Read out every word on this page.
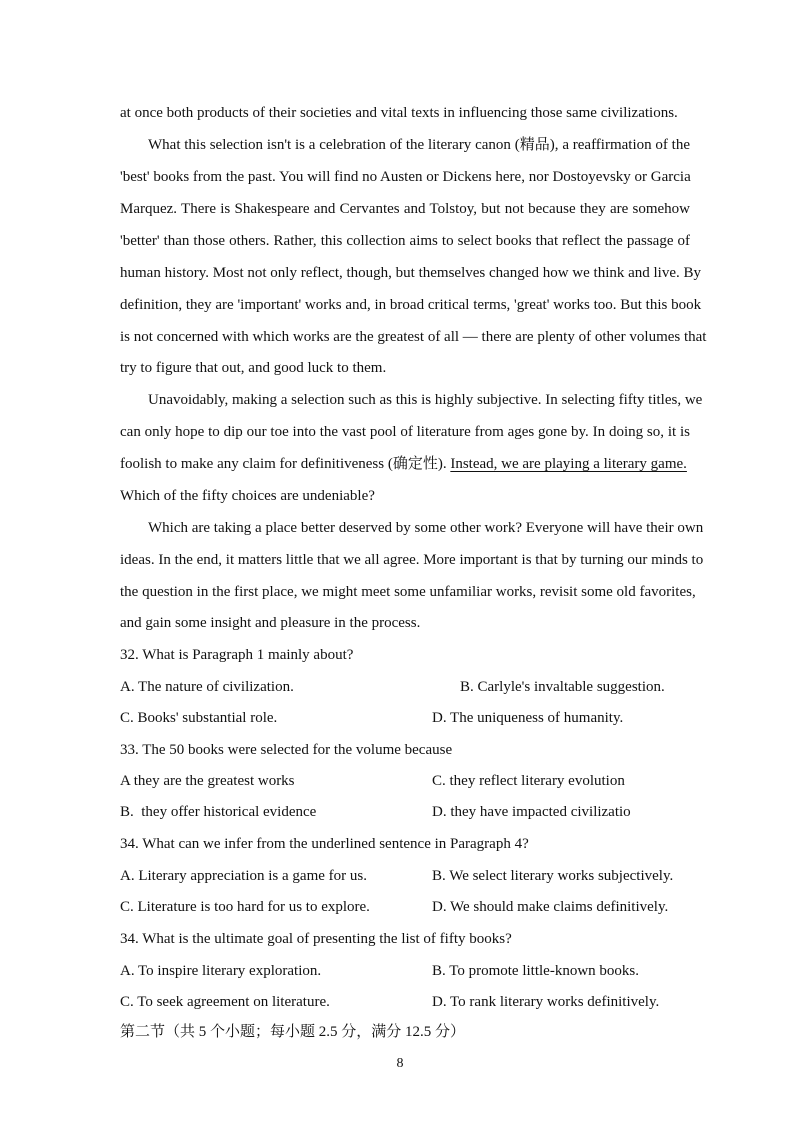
at once both products of their societies and vital texts in influencing those same civilizations.
What this selection isn't is a celebration of the literary canon (精品), a reaffirmation of the
'best' books from the past. You will find no Austen or Dickens here, nor Dostoyevsky or Garcia
Marquez. There is Shakespeare and Cervantes and Tolstoy, but not because they are somehow
'better' than those others. Rather, this collection aims to select books that reflect the passage of
human history. Most not only reflect, though, but themselves changed how we think and live. By
definition, they are 'important' works and, in broad critical terms, 'great' works too. But this book
is not concerned with which works are the greatest of all — there are plenty of other volumes that
try to figure that out, and good luck to them.
Unavoidably, making a selection such as this is highly subjective. In selecting fifty titles, we
can only hope to dip our toe into the vast pool of literature from ages gone by. In doing so, it is
foolish to make any claim for definitiveness (确定性). Instead, we are playing a literary game.
Which of the fifty choices are undeniable?
Which are taking a place better deserved by some other work? Everyone will have their own
ideas. In the end, it matters little that we all agree. More important is that by turning our minds to
the question in the first place, we might meet some unfamiliar works, revisit some old favorites,
and gain some insight and pleasure in the process.
32. What is Paragraph 1 mainly about?
A. The nature of civilization.	B. Carlyle's invaltable suggestion.
C. Books' substantial role.	D. The uniqueness of humanity.
33. The 50 books were selected for the volume because
A they are the greatest works	C. they reflect literary evolution
B.  they offer historical evidence	D. they have impacted civilizatio
34. What can we infer from the underlined sentence in Paragraph 4?
A. Literary appreciation is a game for us.	B. We select literary works subjectively.
C. Literature is too hard for us to explore.	D. We should make claims definitively.
34. What is the ultimate goal of presenting the list of fifty books?
A. To inspire literary exploration.	B. To promote little-known books.
C. To seek agreement on literature.	D. To rank literary works definitively.
第二节（共 5 个小题；每小题 2.5 分，满分 12.5 分）
8
